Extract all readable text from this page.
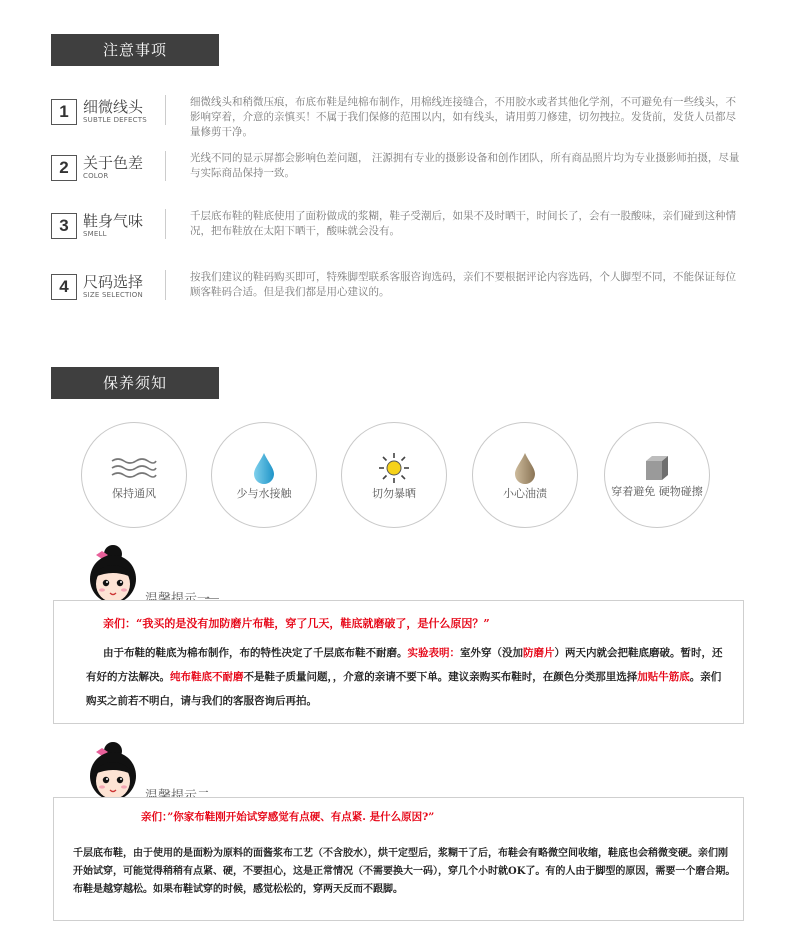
注意事项
1 细微线头
SUBTLE DEFECTS
细微线头和稍微压痕，布底布鞋是纯棉布制作，用棉线连接缝合，不用胶水或者其他化学剂，不可避免有一些线头，不影响穿着，介意的亲慎买！不属于我们保修的范围以内，如有线头，请用剪刀修建，切勿拽拉。发货前，发货人员都尽量修剪干净。
2 关于色差
COLOR
光线不同的显示屏都会影响色差问题， 汪源拥有专业的摄影设备和创作团队，所有商品照片均为专业摄影师拍摄，尽量与实际商品保持一致。
3 鞋身气味
SMELL
千层底布鞋的鞋底使用了面粉做成的浆糊，鞋子受潮后，如果不及时晒干，时间长了，会有一股酸味，亲们碰到这种情况，把布鞋放在太阳下晒干，酸味就会没有。
4 尺码选择
SIZE SELECTION
按我们建议的鞋码购买即可，特殊脚型联系客服咨询选码，亲们不要根据评论内容选码，个人脚型不同，不能保证每位顾客鞋码合适。但是我们都是用心建议的。
保养须知
保持通风	少与水接触	切勿暴晒	小心油渍	穿着避免 硬物碰擦
亲们：“我买的是没有加防磨片布鞋，穿了几天，鞋底就磨破了，是什么原因？”
由于布鞋的鞋底为棉布制作，布的特性决定了千层底布鞋不耐磨。实验表明：室外穿（没加防磨片）两天内就会把鞋底磨破。暂时，还有好的方法解决。纯布鞋底不耐磨不是鞋子质量问题，，介意的亲请不要下单。建议亲购买布鞋时，在颜色分类那里选择加贴牛筋底。亲们购买之前若不明白，请与我们的客服咨询后再拍。
亲们：”你家布鞋刚开始试穿感觉有点硬、有点紧. 是什么原因?”
千层底布鞋，由于使用的是面粉为原料的面酱浆布工艺（不含胶水），烘干定型后，浆糊干了后，布鞋会有略微空间收缩，鞋底也会稍微变硬。亲们刚开始试穿，可能觉得稍稍有点紧、硬，不要担心，这是正常情况（不需要换大一码），穿几个小时就OK了。有的人由于脚型的原因，需要一个磨合期。布鞋是越穿越松。如果布鞋试穿的时候，感觉松松的，穿两天反而不跟脚。
